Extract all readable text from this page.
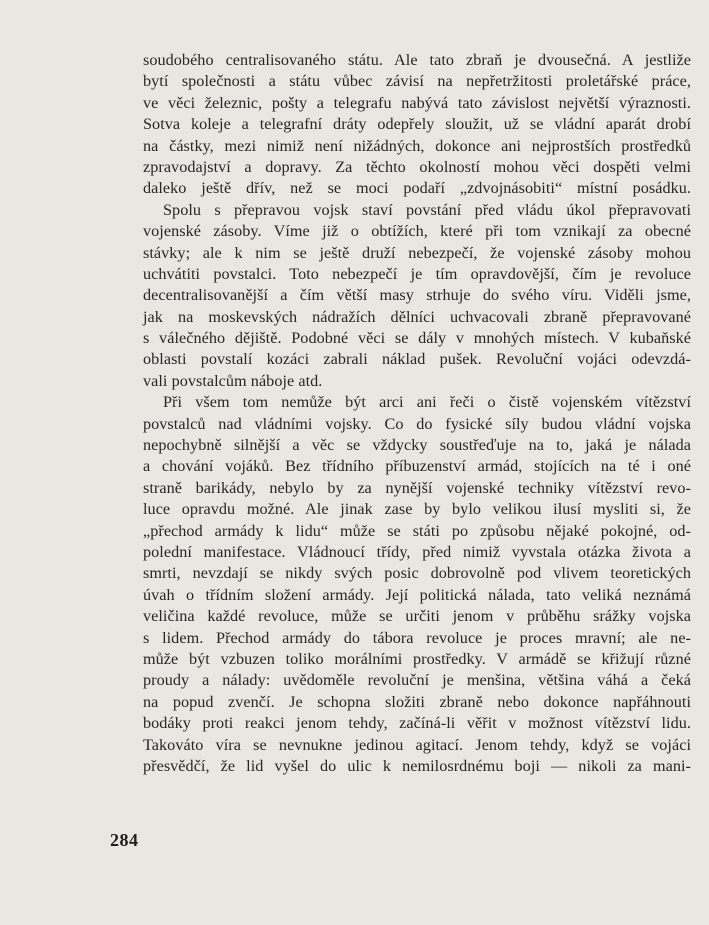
soudobého centralisovaného státu. Ale tato zbraň je dvousečná. A jestliže
bytí společnosti a státu vůbec závisí na nepřetržitosti proletářské práce,
ve věci železnic, pošty a telegrafu nabývá tato závislost největší výraznosti.
Sotva koleje a telegrafní dráty odepřely sloužit, už se vládní aparát drobí
na částky, mezi nimiž není nižádných, dokonce ani nejprostších prostředků
zpravodajství a dopravy. Za těchto okolností mohou věci dospěti velmi
daleko ještě dřív, než se moci podaří „zdvojnásobiti“ místní posádku.
Spolu s přepravou vojsk staví povstání před vládu úkol přepravovati
vojenské zásoby. Víme již o obtížích, které při tom vznikají za obecné
stávky; ale k nim se ještě druží nebezpečí, že vojenské zásoby mohou
uchvátiti povstalci. Toto nebezpečí je tím opravdovější, čím je revoluce
decentralisovanější a čím větší masy strhuje do svého víru. Viděli jsme,
jak na moskevských nádražích dělníci uchvacovali zbraně přepravované
s válečného dějiště. Podobné věci se dály v mnohých místech. V kubaňské
oblasti povstalí kozáci zabrali náklad pušek. Revoluční vojáci odevzdá-
vali povstalcům náboje atd.
Při všem tom nemůže být arci ani řeči o čistě vojenském vítězství
povstalců nad vládními vojsky. Co do fysické síly budou vládní vojska
nepochybně silnější a věc se vždycky soustřeďuje na to, jaká je nálada
a chování vojáků. Bez třídního příbuzenství armád, stojících na té i oné
straně barikády, nebylo by za nynější vojenské techniky vítězství revo-
luce opravdu možné. Ale jinak zase by bylo velikou ilusí mysliti si, že
„přechod armády k lidu“ může se státi po způsobu nějaké pokojné, od-
polední manifestace. Vládnoucí třídy, před nimiž vyvstala otázka života a
smrti, nevzdají se nikdy svých posic dobrovolně pod vlivem teoretických
úvah o třídním složení armády. Její politická nálada, tato veliká neznámá
veličina každé revoluce, může se určiti jenom v průběhu srážky vojska
s lidem. Přechod armády do tábora revoluce je proces mravní; ale ne-
může být vzbuzen toliko morálními prostředky. V armádě se křižují různé
proudy a nálady: uvědoměle revoluční je menšina, většina váhá a čeká
na popud zvenčí. Je schopna složiti zbraně nebo dokonce napřáhnouti
bodáky proti reakci jenom tehdy, začíná-li věřit v možnost vítězství lidu.
Takováto víra se nevnukne jedinou agitací. Jenom tehdy, když se vojáci
přesvědčí, že lid vyšel do ulic k nemilosrdnému boji — nikoli za mani-
284
